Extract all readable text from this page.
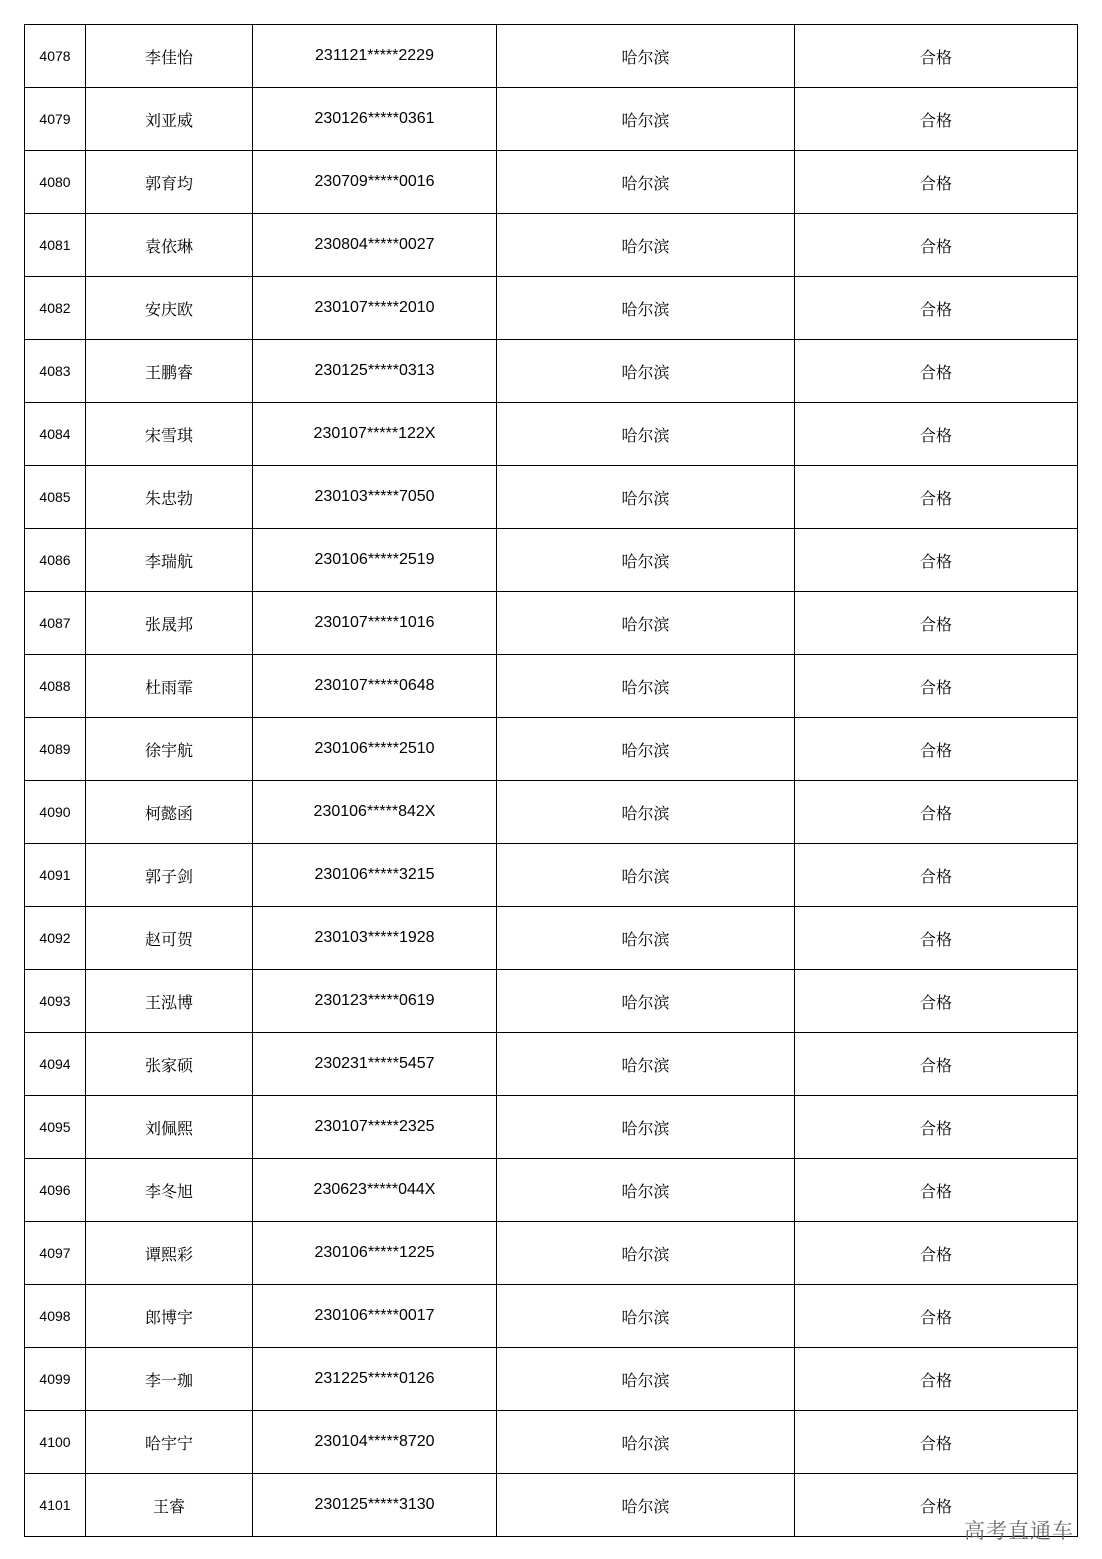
4078	李佳怡	231121*****2229	哈尔滨	合格
4079	刘亚威	230126*****0361	哈尔滨	合格
4080	郭育均	230709*****0016	哈尔滨	合格
4081	袁依琳	230804*****0027	哈尔滨	合格
4082	安庆欧	230107*****2010	哈尔滨	合格
4083	王鹏睿	230125*****0313	哈尔滨	合格
4084	宋雪琪	230107*****122X	哈尔滨	合格
4085	朱忠勃	230103*****7050	哈尔滨	合格
4086	李瑞航	230106*****2519	哈尔滨	合格
4087	张晟邦	230107*****1016	哈尔滨	合格
4088	杜雨霏	230107*****0648	哈尔滨	合格
4089	徐宇航	230106*****2510	哈尔滨	合格
4090	柯懿函	230106*****842X	哈尔滨	合格
4091	郭子剑	230106*****3215	哈尔滨	合格
4092	赵可贺	230103*****1928	哈尔滨	合格
4093	王泓博	230123*****0619	哈尔滨	合格
4094	张家硕	230231*****5457	哈尔滨	合格
4095	刘佩熙	230107*****2325	哈尔滨	合格
4096	李冬旭	230623*****044X	哈尔滨	合格
4097	谭熙彩	230106*****1225	哈尔滨	合格
4098	郎博宇	230106*****0017	哈尔滨	合格
4099	李一珈	231225*****0126	哈尔滨	合格
4100	哈宇宁	230104*****8720	哈尔滨	合格
4101	王睿	230125*****3130	哈尔滨	合格
高考直通车
